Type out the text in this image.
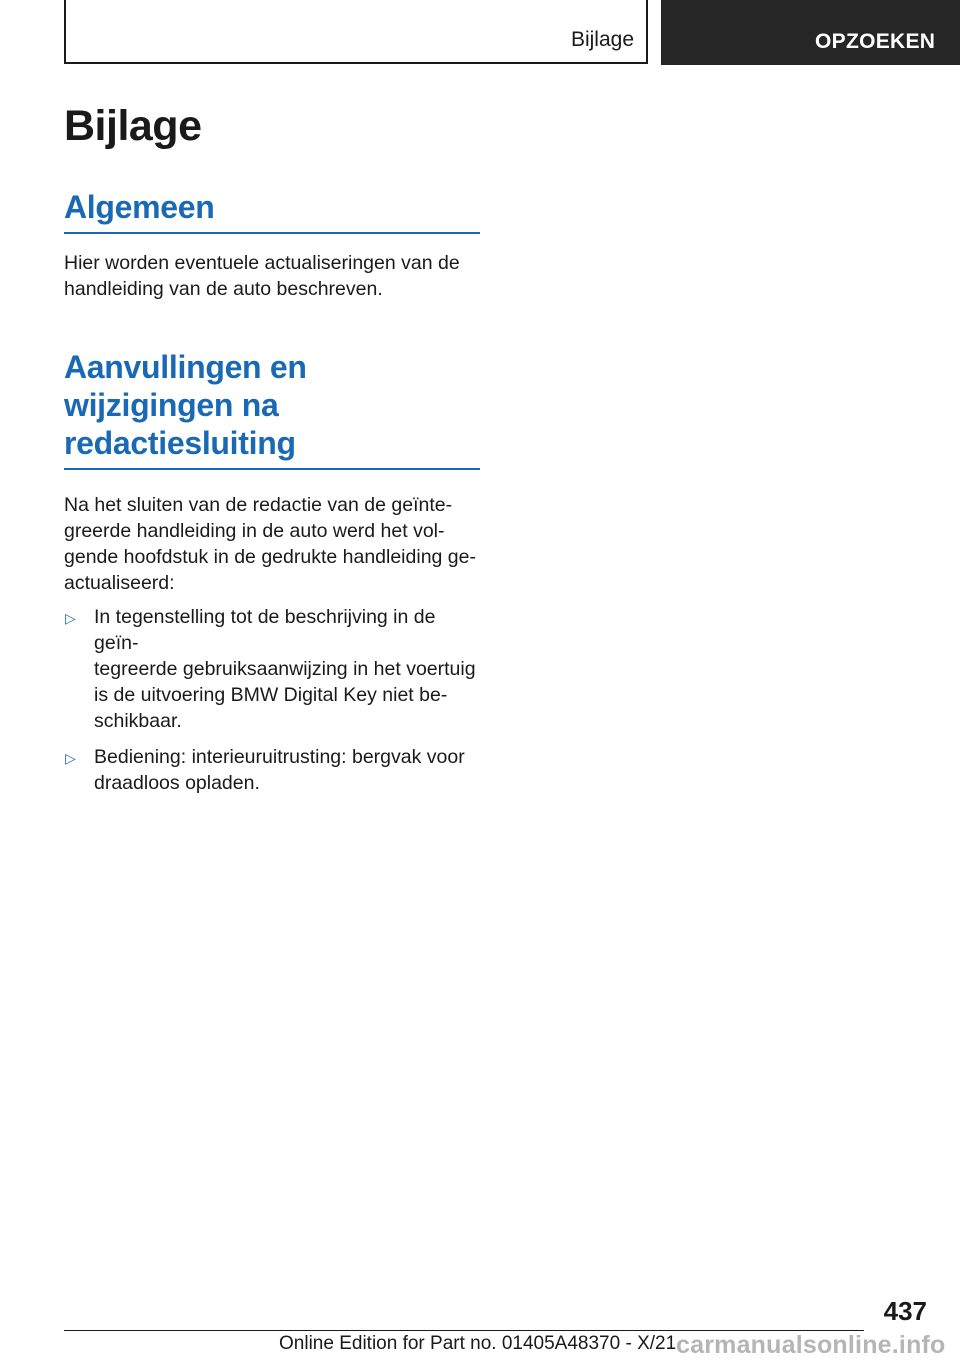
Bijlage	OPZOEKEN
Bijlage
Algemeen

Hier worden eventuele actualiseringen van de handleiding van de auto beschreven.

Aanvullingen en
wijzigingen na
redactiesluiting

Na het sluiten van de redactie van de geïnte-
greerde handleiding in de auto werd het vol-
gende hoofdstuk in de gedrukte handleiding ge-
actualiseerd:

▷ In tegenstelling tot de beschrijving in de geïn-
tegreerde gebruiksaanwijzing in het voertuig
is de uitvoering BMW Digital Key niet be-
schikbaar.
▷ Bediening: interieuruitrusting: bergvak voor
draadloos opladen.
437
Online Edition for Part no. 01405A48370 - X/21 carmanualsonline.info
